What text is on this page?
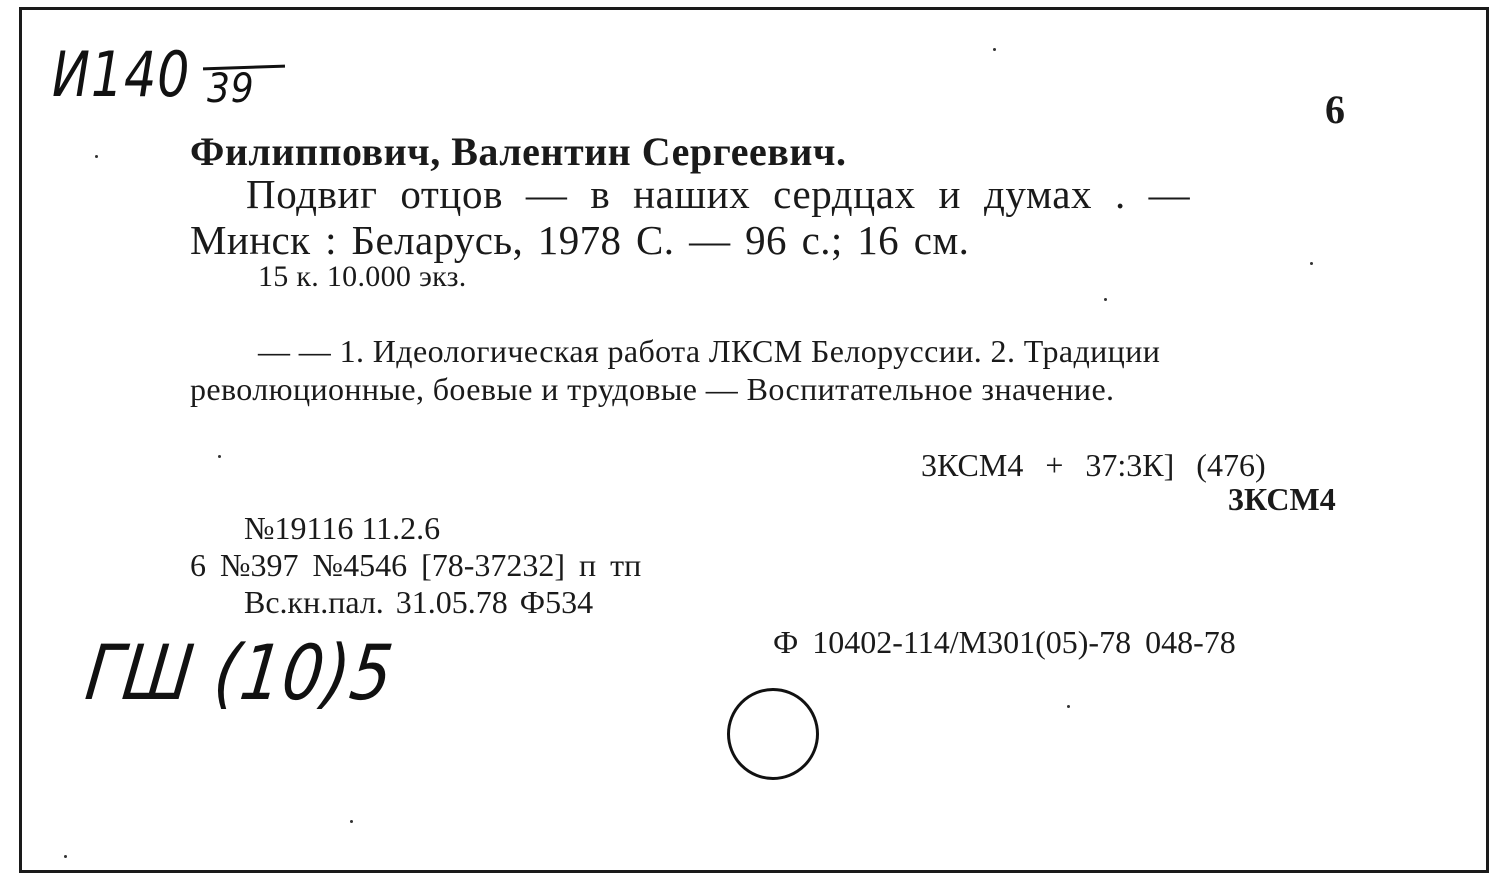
И140 39	6
Филиппович, Валентин Сергеевич.
Подвиг отцов — в наших сердцах и думах . —
Минск : Беларусь, 1978 С. — 96 с.; 16 см.
15 к. 10.000 экз.
— — 1. Идеологическая работа ЛКСМ Белоруссии. 2. Традиции
революционные, боевые и трудовые — Воспитательное значение.
3КСМ4 + 37:3К] (476)
3КСМ4
№19116 11.2.6
6 №397 №4546 [78-37232] п тп
Вс.кн.пал. 31.05.78 Ф534
Ф 10402-114/М301(05)-78 048-78
ГШ (10)5
